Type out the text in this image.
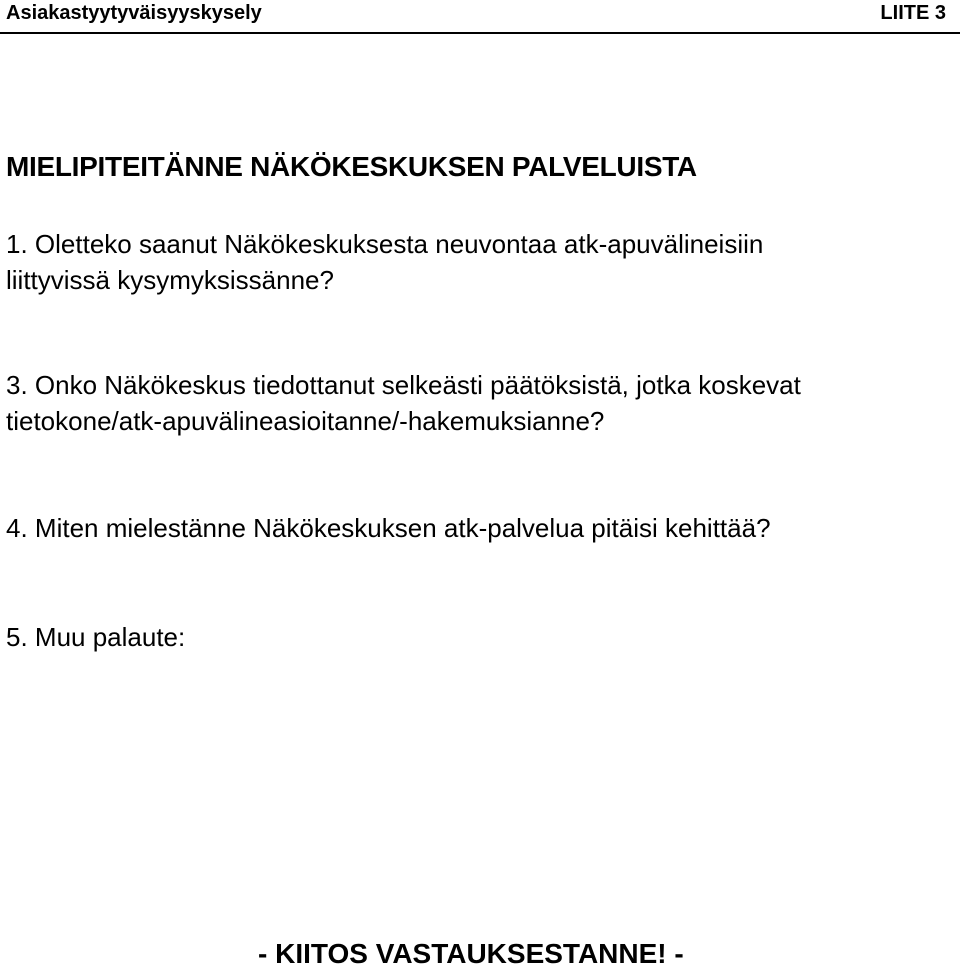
Asiakastyytyväisyyskysely	LIITE 3
MIELIPITEITÄNNE NÄKÖKESKUKSEN PALVELUISTA
1. Oletteko saanut Näkökeskuksesta neuvontaa atk-apuvälineisiin
liittyvissä kysymyksissänne?
3. Onko Näkökeskus tiedottanut selkeästi päätöksistä, jotka koskevat
tietokone/atk-apuvälineasioitanne/-hakemuksianne?
4. Miten mielestänne Näkökeskuksen atk-palvelua pitäisi kehittää?
5. Muu palaute:
- KIITOS VASTAUKSESTANNE! -
